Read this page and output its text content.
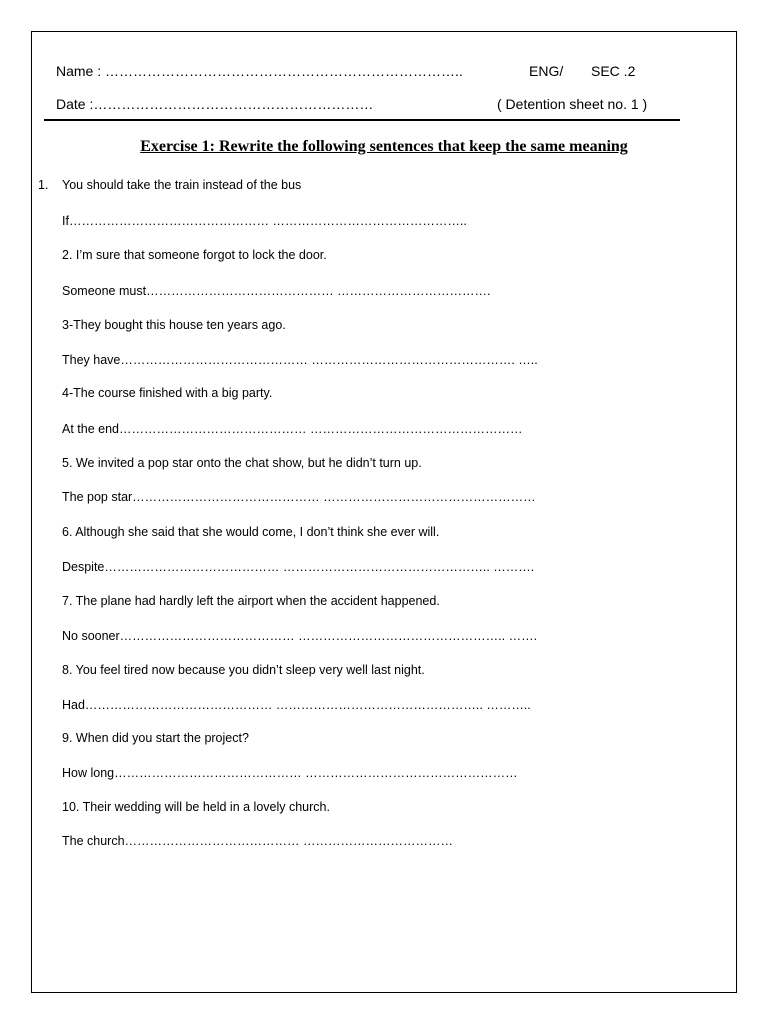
Name : …………………………………………………………………..	ENG/ SEC .2
Date :……………………………………………………	( Detention sheet no. 1 )
Exercise 1: Rewrite the following sentences that keep the same meaning
1. You should take the train instead of the bus
If………………………………………… ………………………………………..
2. I’m sure that someone forgot to lock the door.
Someone must……………………………………… ……………………………….
3-They bought this house ten years ago.
They have……………………………………… …………………………………………. …..
4-The course finished with a big party.
At the end……………………………………… ……………………………………………
5. We invited a pop star onto the chat show, but he didn’t turn up.
The pop star……………………………………… ……………………………………………
6. Although she said that she would come, I don’t think she ever will.
Despite…………………………………… ………………………………………….. ……….
7. The plane had hardly left the airport when the accident happened.
No sooner…………………………………… ………………………………………….. …….
8. You feel tired now because you didn’t sleep very well last night.
Had……………………………………… ………………………………………….. ………..
9. When did you start the project?
How long……………………………………… ……………………………………………
10. Their wedding will be held in a lovely church.
The church…………………………………… ………………………………
